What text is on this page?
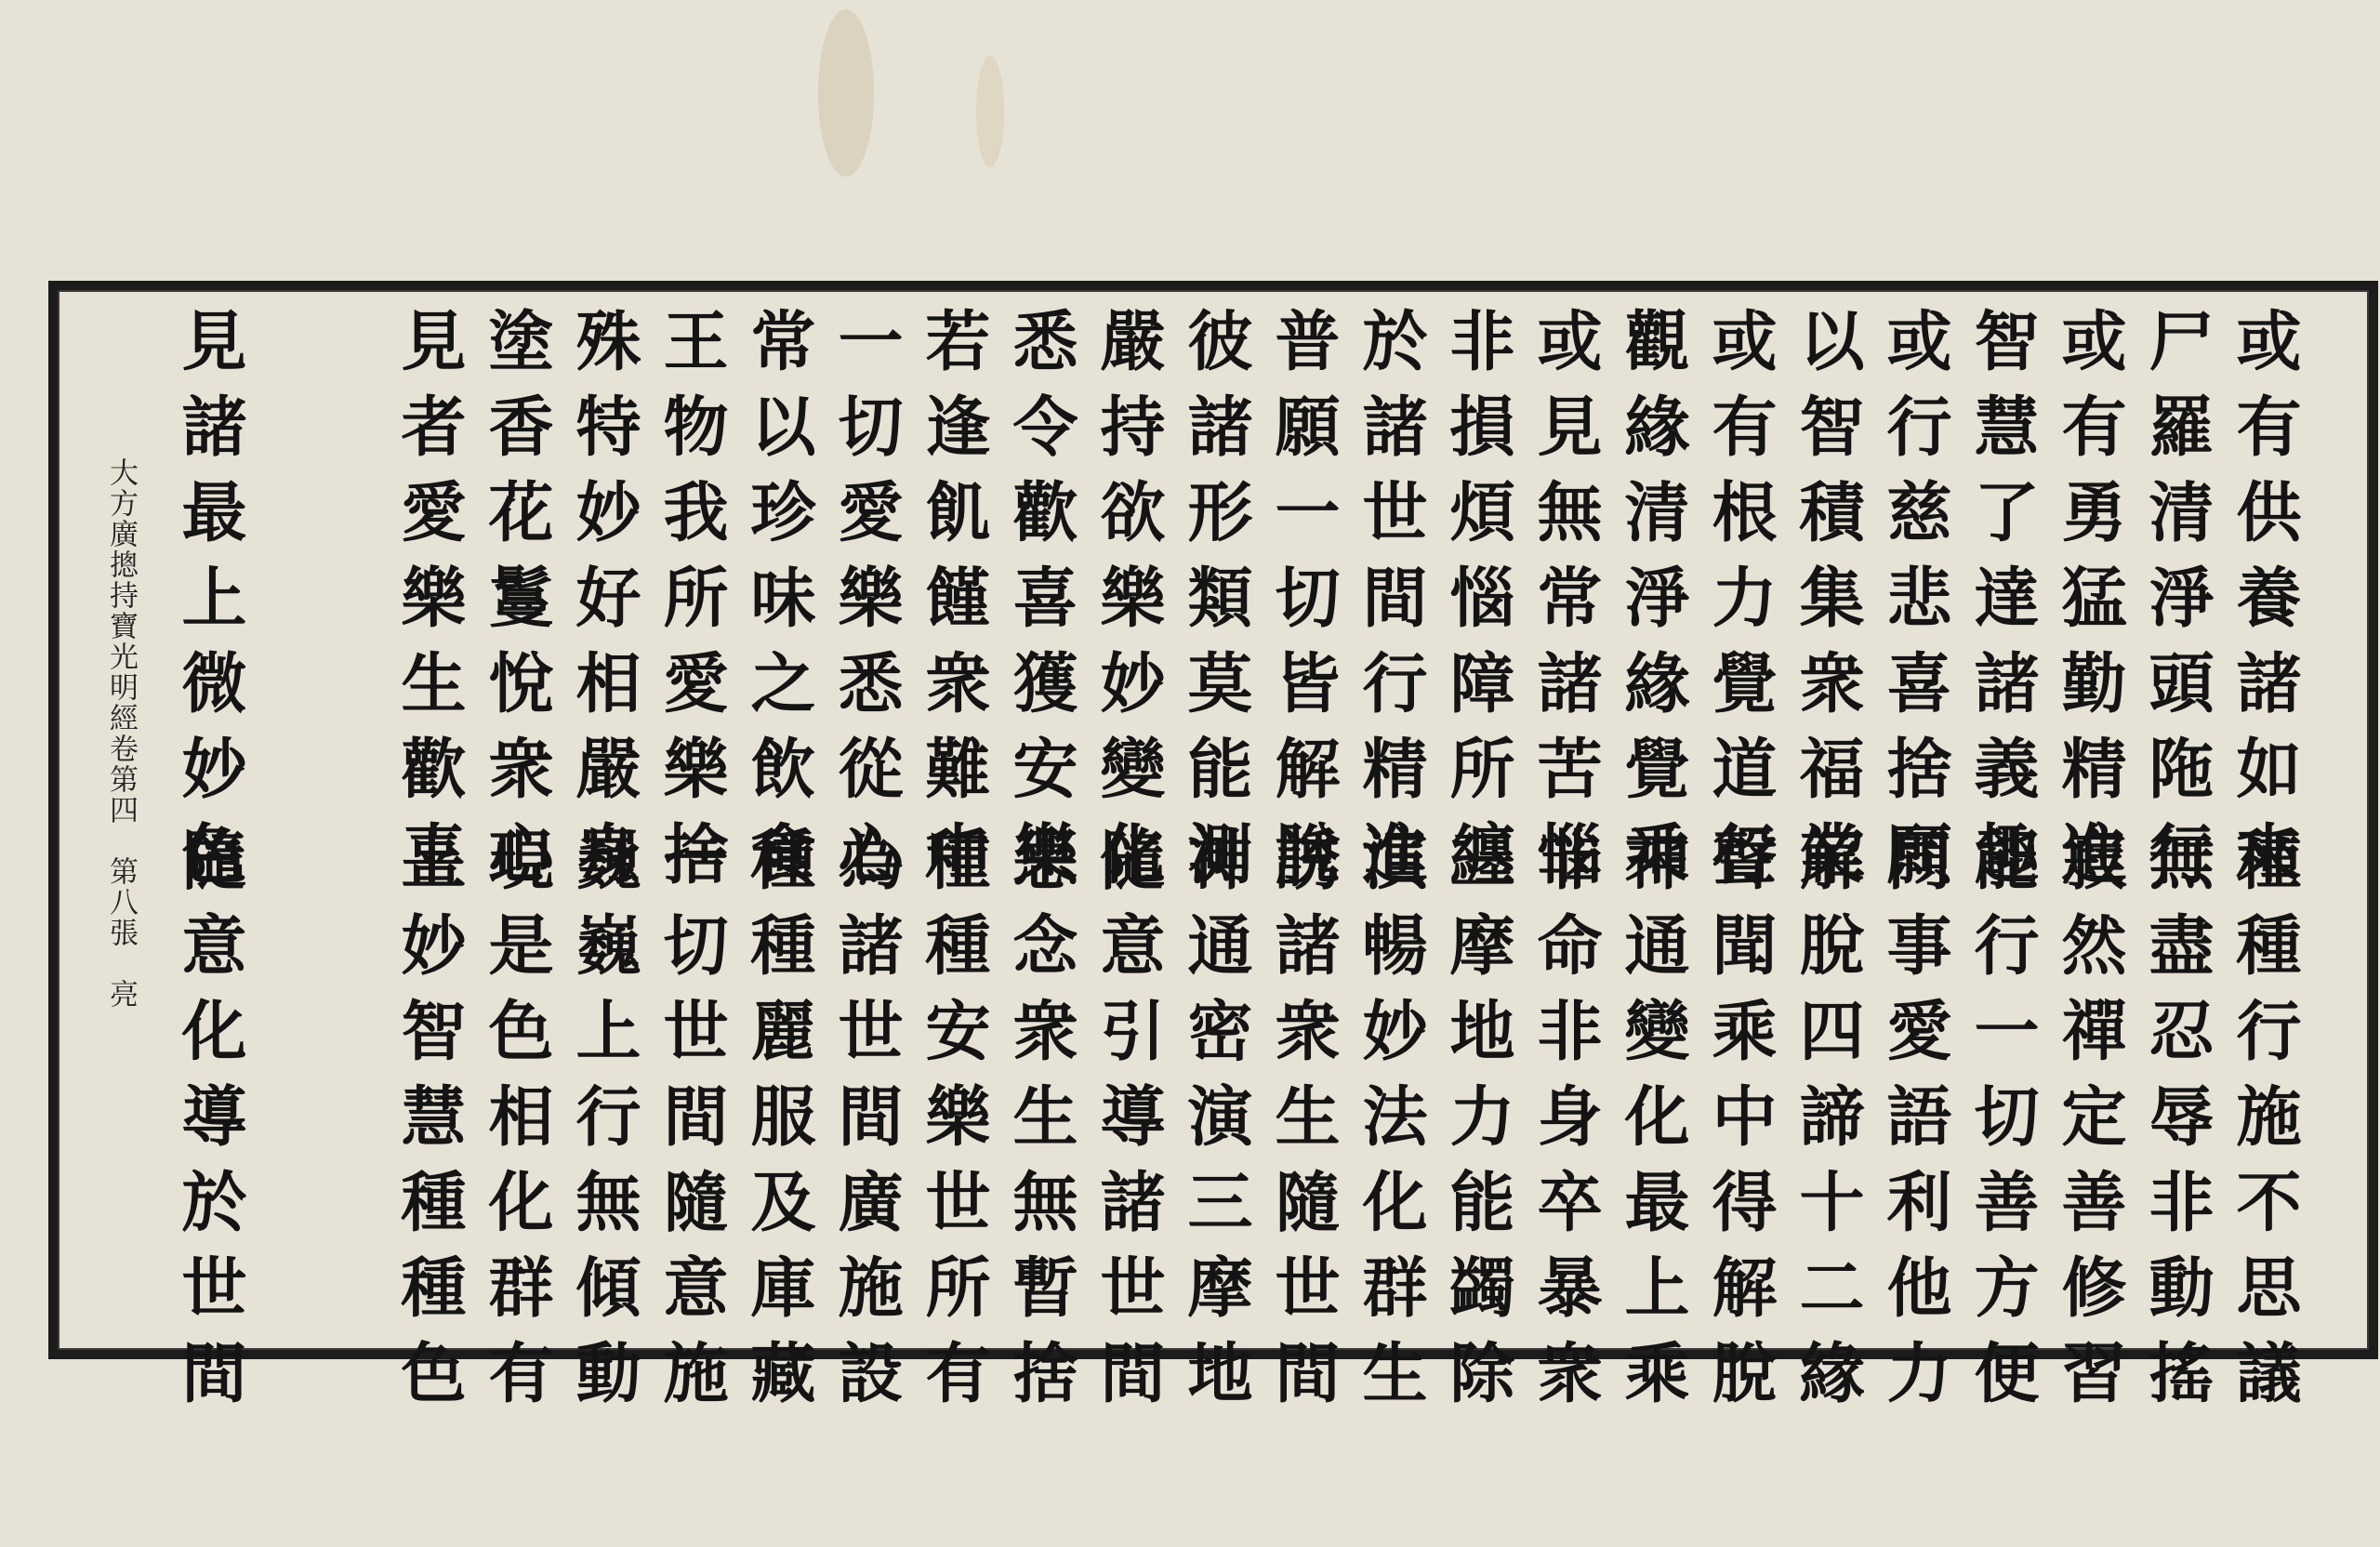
或有供養諸如來
尸羅清淨頭陁行
或有勇猛勤精進
智慧了達諸義趣
或行慈悲喜捨願
以智積集衆福業
或有根力覺道行
觀緣清淨緣覺乘
或見無常諸苦惱
非損煩惱障所纏
於諸世間行精進
普願一切皆解脫
彼諸形類莫能測
嚴持欲樂妙變化
悉令歡喜獲安樂
若逢飢饉衆難中
一切愛樂悉從心
常以珍味之飲食
王物我所愛樂捨
殊特妙好相嚴身
塗香花鬘悅衆心
見者愛樂生歡喜
見諸最上微妙色
種種行施不思議
無盡忍辱非動搖
寂然禪定善修習
能行一切善方便
同事愛語利他力
解脫四諦十二緣
聲聞乘中得解脫
神通變化最上乘
非命非身卒暴衆
三摩地力能蠲除
演暢妙法化群生
誘諸衆生隨世間
神通密演三摩地
隨意引導諸世間
思念衆生無暫捨
種種安樂世所有
為諸世間廣施設
種種麗服及庫藏
一切世間隨意施
巍巍上行無傾動
現是色相化群有
上妙智慧種種色
隨意化導於世間
大方廣摠持寶光明經卷第四　第八張　亮
